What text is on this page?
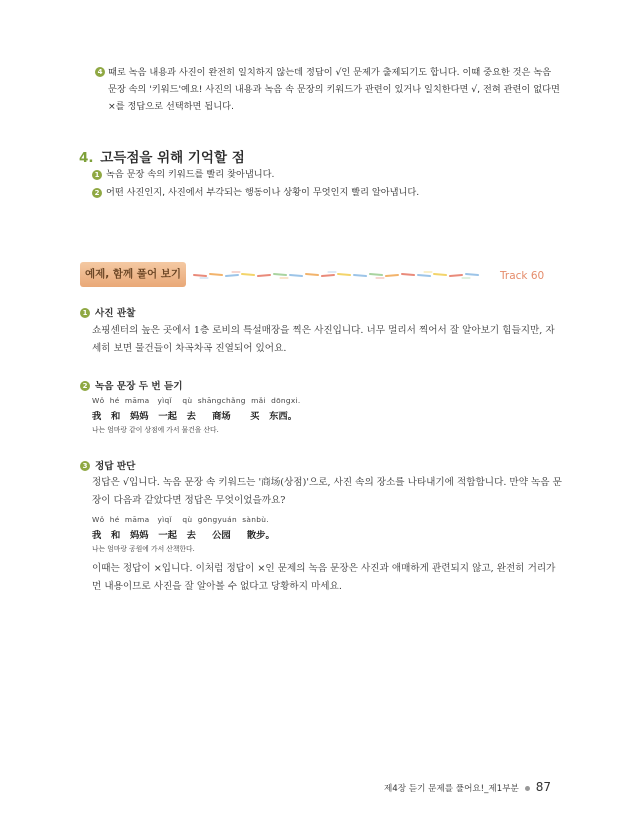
4 때로 녹음 내용과 사진이 완전히 일치하지 않는데 정답이 √인 문제가 출제되기도 합니다. 이때 중요한 것은 녹음 문장 속의 '키워드'예요! 사진의 내용과 녹음 속 문장의 키워드가 관련이 있거나 일치한다면 √, 전혀 관련이 없다면 ×를 정답으로 선택하면 됩니다.
4. 고득점을 위해 기억할 점
1 녹음 문장 속의 키워드를 빨리 찾아냅니다.
2 어떤 사진인지, 사진에서 부각되는 행동이나 상황이 무엇인지 빨리 알아냅니다.
예제, 함께 풀어 보기	Track 60
1 사진 관찰
쇼핑센터의 높은 곳에서 1층 로비의 특설매장을 찍은 사진입니다. 너무 멀리서 찍어서 잘 알아보기 힘들지만, 자세히 보면 물건들이 차곡차곡 진열되어 있어요.
2 녹음 문장 두 번 듣기
Wǒ  hé  māma   yìqǐ    qù  shāngchǎng  mǎi  dōngxi.
我   和   妈妈   一起   去     商场      买   东西。
나는 엄마랑 같이 상점에 가서 물건을 산다.
3 정답 판단
정답은 √입니다. 녹음 문장 속 키워드는 '商场(상점)'으로, 사진 속의 장소를 나타내기에 적합합니다. 만약 녹음 문장이 다음과 같았다면 정답은 무엇이었을까요?
Wǒ  hé  māma   yìqǐ    qù  gōngyuán  sànbù.
我   和   妈妈   一起   去     公园     散步。
나는 엄마랑 공원에 가서 산책한다.
이때는 정답이 ×입니다. 이처럼 정답이 ×인 문제의 녹음 문장은 사진과 애매하게 관련되지 않고, 완전히 거리가 먼 내용이므로 사진을 잘 알아볼 수 없다고 당황하지 마세요.
제4장 듣기 문제를 풀어요!_제1부분 87
